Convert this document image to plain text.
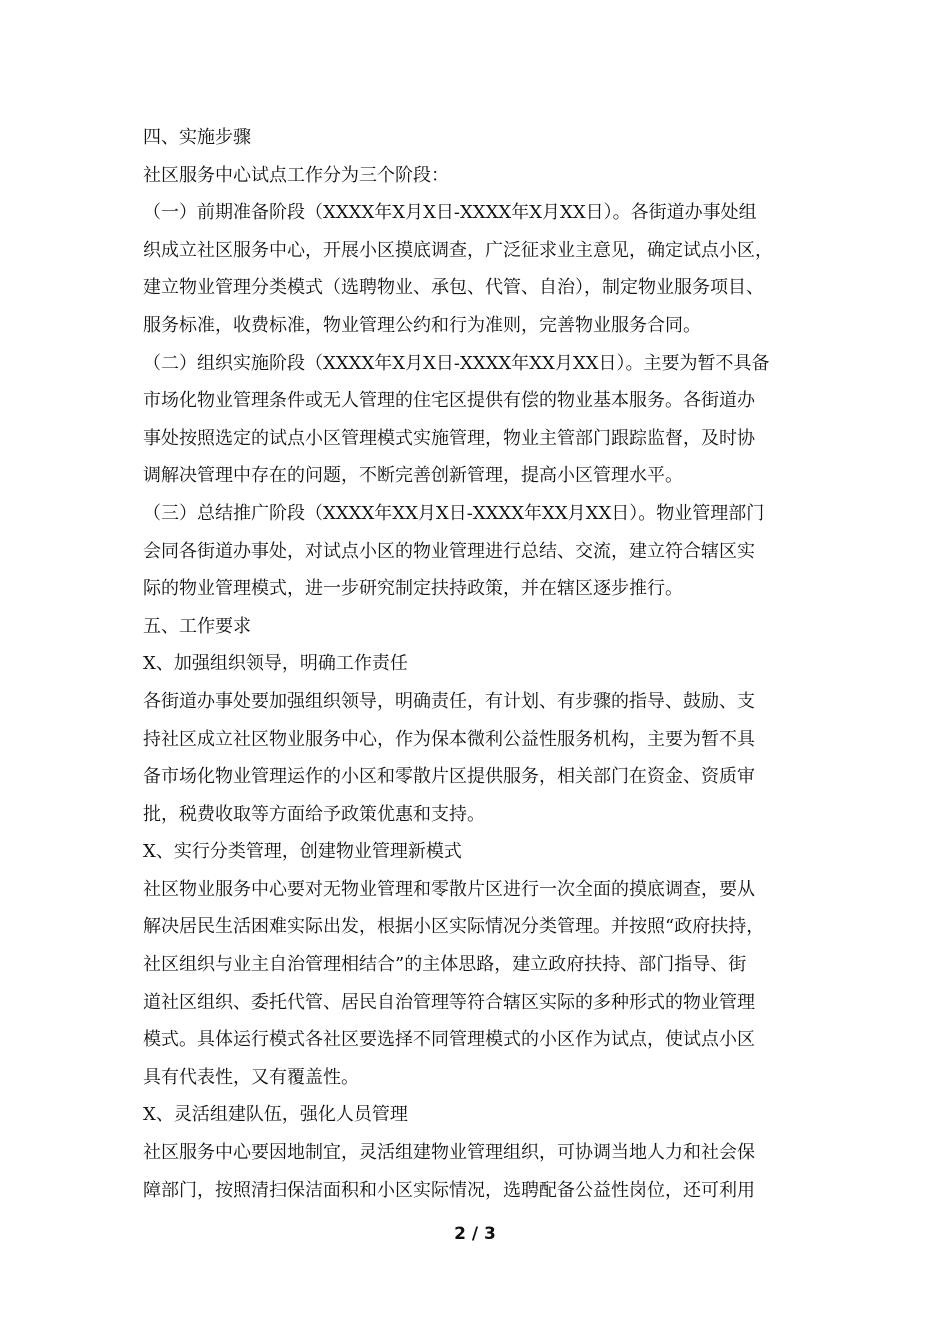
四、实施步骤
社区服务中心试点工作分为三个阶段：
（一）前期准备阶段（XXXX年X月X日-XXXX年X月XX日）。各街道办事处组
织成立社区服务中心，开展小区摸底调查，广泛征求业主意见，确定试点小区，
建立物业管理分类模式（选聘物业、承包、代管、自治），制定物业服务项目、
服务标准，收费标准，物业管理公约和行为准则，完善物业服务合同。
（二）组织实施阶段（XXXX年X月X日-XXXX年XX月XX日）。主要为暂不具备
市场化物业管理条件或无人管理的住宅区提供有偿的物业基本服务。各街道办
事处按照选定的试点小区管理模式实施管理，物业主管部门跟踪监督，及时协
调解决管理中存在的问题，不断完善创新管理，提高小区管理水平。
（三）总结推广阶段（XXXX年XX月X日-XXXX年XX月XX日）。物业管理部门
会同各街道办事处，对试点小区的物业管理进行总结、交流，建立符合辖区实
际的物业管理模式，进一步研究制定扶持政策，并在辖区逐步推行。
五、工作要求
X、加强组织领导，明确工作责任
各街道办事处要加强组织领导，明确责任，有计划、有步骤的指导、鼓励、支
持社区成立社区物业服务中心，作为保本微利公益性服务机构，主要为暂不具
备市场化物业管理运作的小区和零散片区提供服务，相关部门在资金、资质审
批，税费收取等方面给予政策优惠和支持。
X、实行分类管理，创建物业管理新模式
社区物业服务中心要对无物业管理和零散片区进行一次全面的摸底调查，要从
解决居民生活困难实际出发，根据小区实际情况分类管理。并按照“政府扶持，
社区组织与业主自治管理相结合”的主体思路，建立政府扶持、部门指导、街
道社区组织、委托代管、居民自治管理等符合辖区实际的多种形式的物业管理
模式。具体运行模式各社区要选择不同管理模式的小区作为试点，使试点小区
具有代表性，又有覆盖性。
X、灵活组建队伍，强化人员管理
社区服务中心要因地制宜，灵活组建物业管理组织，可协调当地人力和社会保
障部门，按照清扫保洁面积和小区实际情况，选聘配备公益性岗位，还可利用
2 / 3
